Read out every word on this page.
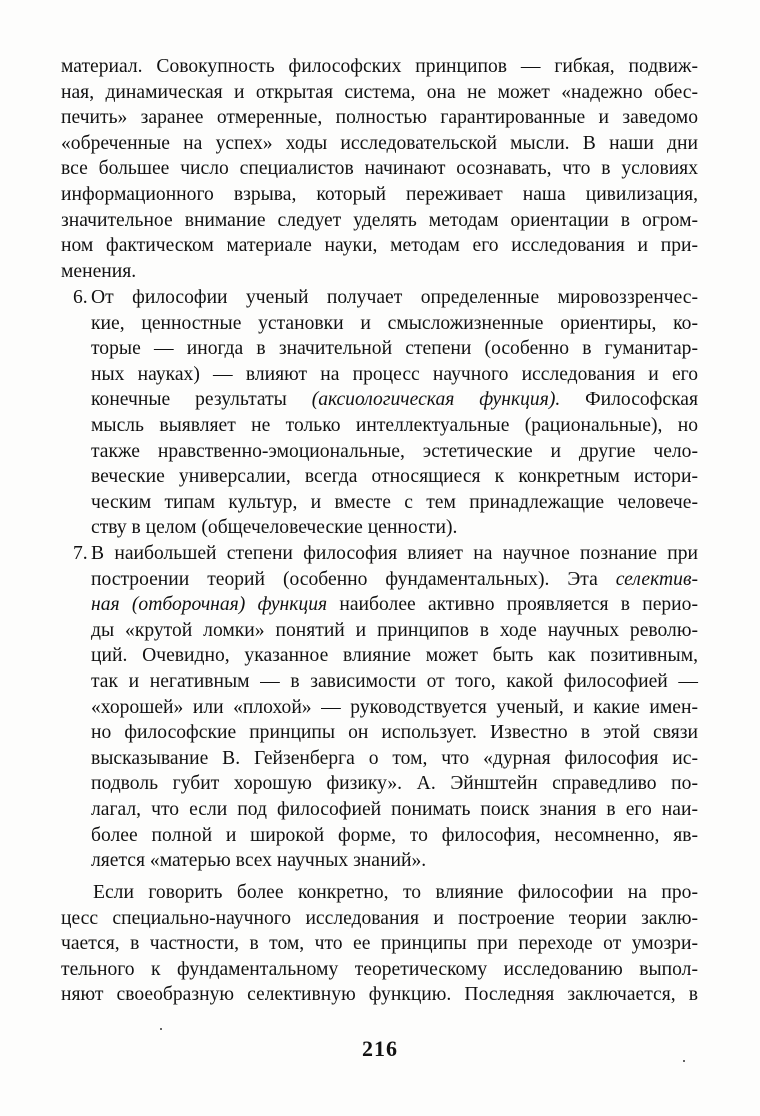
материал. Совокупность философских принципов — гибкая, подвиж-
ная, динамическая и открытая система, она не может «надежно обес-
печить» заранее отмеренные, полностью гарантированные и заведомо
«обреченные на успех» ходы исследовательской мысли. В наши дни
все большее число специалистов начинают осознавать, что в условиях
информационного взрыва, который переживает наша цивилизация,
значительное внимание следует уделять методам ориентации в огром-
ном фактическом материале науки, методам его исследования и при-
менения.
6. От философии ученый получает определенные мировоззренчес-
кие, ценностные установки и смысложизненные ориентиры, ко-
торые — иногда в значительной степени (особенно в гуманитар-
ных науках) — влияют на процесс научного исследования и его
конечные результаты (аксиологическая функция). Философская
мысль выявляет не только интеллектуальные (рациональные), но
также нравственно-эмоциональные, эстетические и другие чело-
веческие универсалии, всегда относящиеся к конкретным истори-
ческим типам культур, и вместе с тем принадлежащие человече-
ству в целом (общечеловеческие ценности).
7. В наибольшей степени философия влияет на научное познание при
построении теорий (особенно фундаментальных). Эта селектив-
ная (отборочная) функция наиболее активно проявляется в перио-
ды «крутой ломки» понятий и принципов в ходе научных револю-
ций. Очевидно, указанное влияние может быть как позитивным,
так и негативным — в зависимости от того, какой философией —
«хорошей» или «плохой» — руководствуется ученый, и какие имен-
но философские принципы он использует. Известно в этой связи
высказывание В. Гейзенберга о том, что «дурная философия ис-
подволь губит хорошую физику». А. Эйнштейн справедливо по-
лагал, что если под философией понимать поиск знания в его наи-
более полной и широкой форме, то философия, несомненно, яв-
ляется «матерью всех научных знаний».
Если говорить более конкретно, то влияние философии на про-
цесс специально-научного исследования и построение теории заклю-
чается, в частности, в том, что ее принципы при переходе от умозри-
тельного к фундаментальному теоретическому исследованию выпол-
няют своеобразную селективную функцию. Последняя заключается, в
216
